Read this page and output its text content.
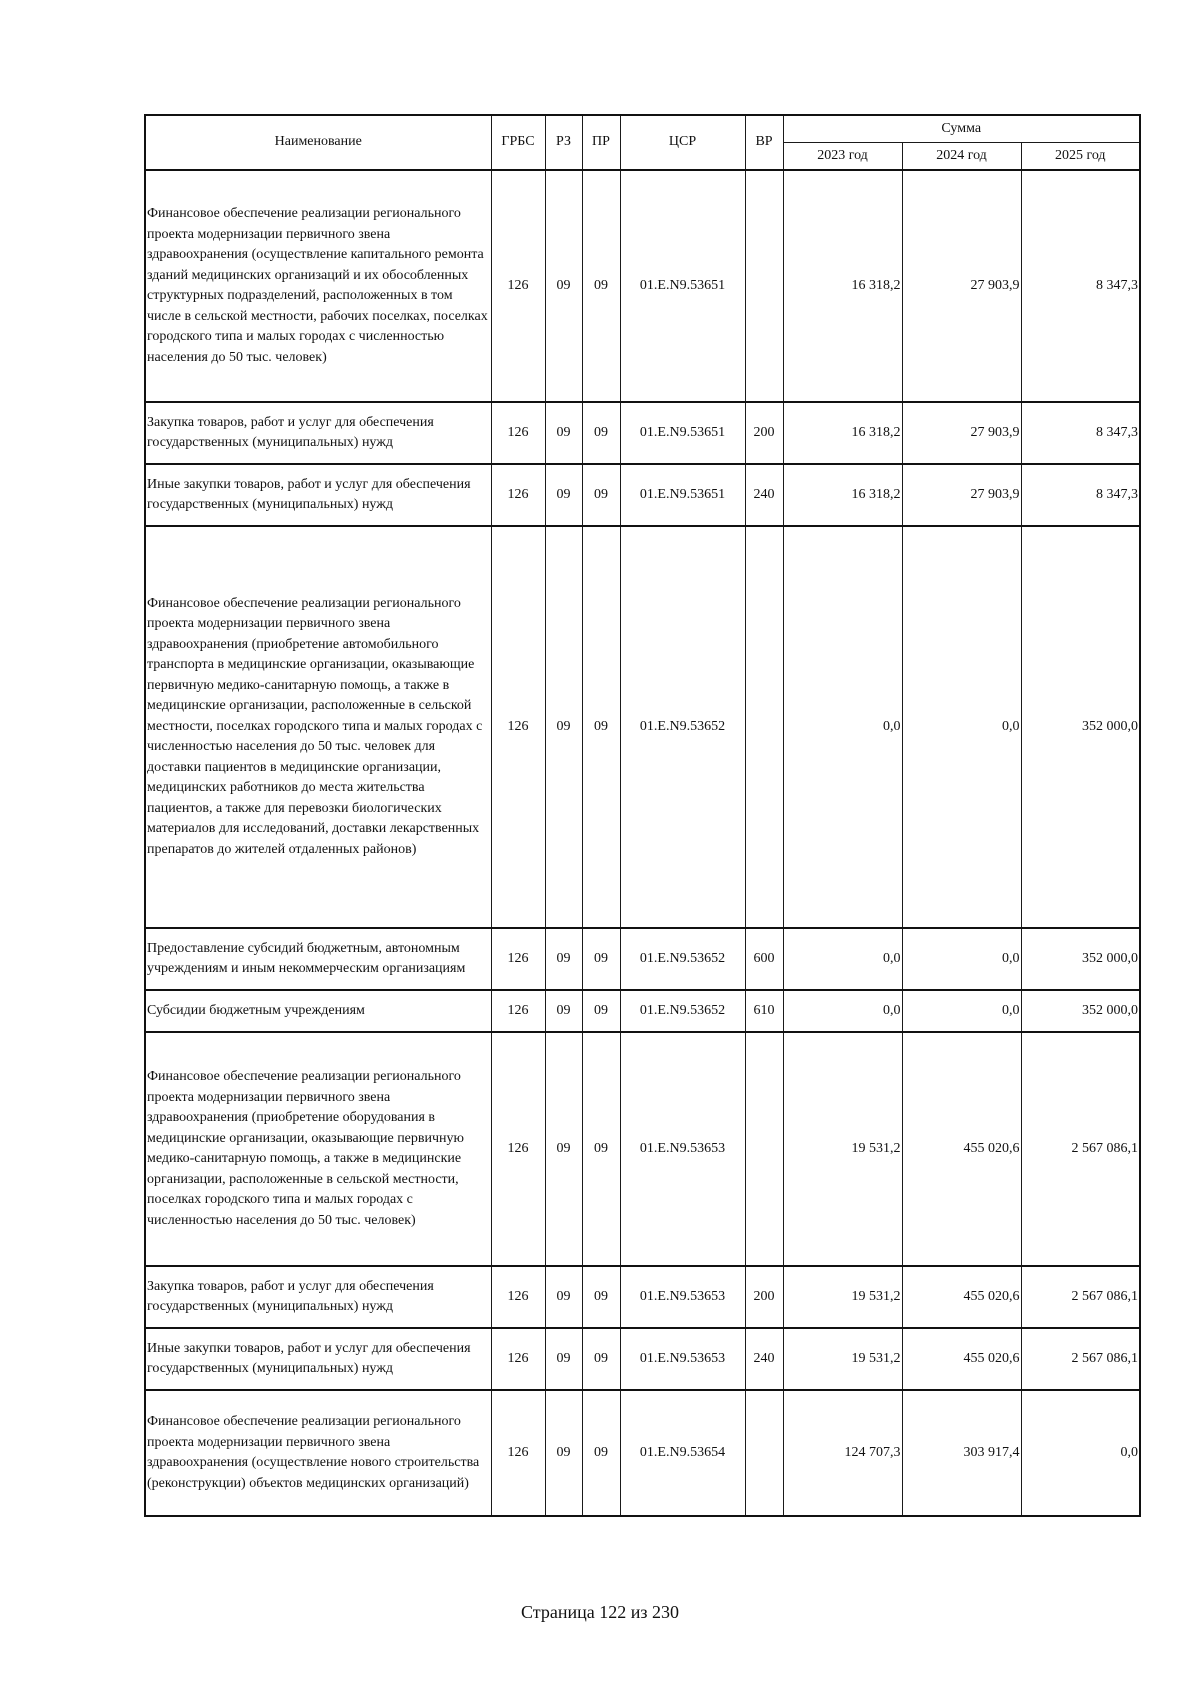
Наименование	ГРБС	РЗ	ПР	ЦСР	ВР	Сумма		
						2023 год	2024 год	2025 год
Финансовое обеспечение реализации регионального проекта модернизации первичного звена здравоохранения (осуществление капитального ремонта зданий медицинских организаций и их обособленных структурных подразделений, расположенных в том числе в сельской местности, рабочих поселках, поселках городского типа и малых городах с численностью населения до 50 тыс. человек)	126	09	09	01.E.N9.53651		16 318,2	27 903,9	8 347,3
Закупка товаров, работ и услуг для обеспечения государственных (муниципальных) нужд	126	09	09	01.E.N9.53651	200	16 318,2	27 903,9	8 347,3
Иные закупки товаров, работ и услуг для обеспечения государственных (муниципальных) нужд	126	09	09	01.E.N9.53651	240	16 318,2	27 903,9	8 347,3
Финансовое обеспечение реализации регионального проекта модернизации первичного звена здравоохранения (приобретение автомобильного транспорта в медицинские организации, оказывающие первичную медико-санитарную помощь, а также в медицинские организации, расположенные в сельской местности, поселках городского типа и малых городах с численностью населения до 50 тыс. человек для доставки пациентов в медицинские организации, медицинских работников до места жительства пациентов, а также для перевозки биологических материалов для исследований, доставки лекарственных препаратов до жителей отдаленных районов)	126	09	09	01.E.N9.53652		0,0	0,0	352 000,0
Предоставление субсидий бюджетным, автономным учреждениям и иным некоммерческим организациям	126	09	09	01.E.N9.53652	600	0,0	0,0	352 000,0
Субсидии бюджетным учреждениям	126	09	09	01.E.N9.53652	610	0,0	0,0	352 000,0
Финансовое обеспечение реализации регионального проекта модернизации первичного звена здравоохранения (приобретение оборудования в медицинские организации, оказывающие первичную медико-санитарную помощь, а также в медицинские организации, расположенные в сельской местности, поселках городского типа и малых городах с численностью населения до 50 тыс. человек)	126	09	09	01.E.N9.53653		19 531,2	455 020,6	2 567 086,1
Закупка товаров, работ и услуг для обеспечения государственных (муниципальных) нужд	126	09	09	01.E.N9.53653	200	19 531,2	455 020,6	2 567 086,1
Иные закупки товаров, работ и услуг для обеспечения государственных (муниципальных) нужд	126	09	09	01.E.N9.53653	240	19 531,2	455 020,6	2 567 086,1
Финансовое обеспечение реализации регионального проекта модернизации первичного звена здравоохранения (осуществление нового строительства (реконструкции) объектов медицинских организаций)	126	09	09	01.E.N9.53654		124 707,3	303 917,4	0,0
Страница 122 из 230
